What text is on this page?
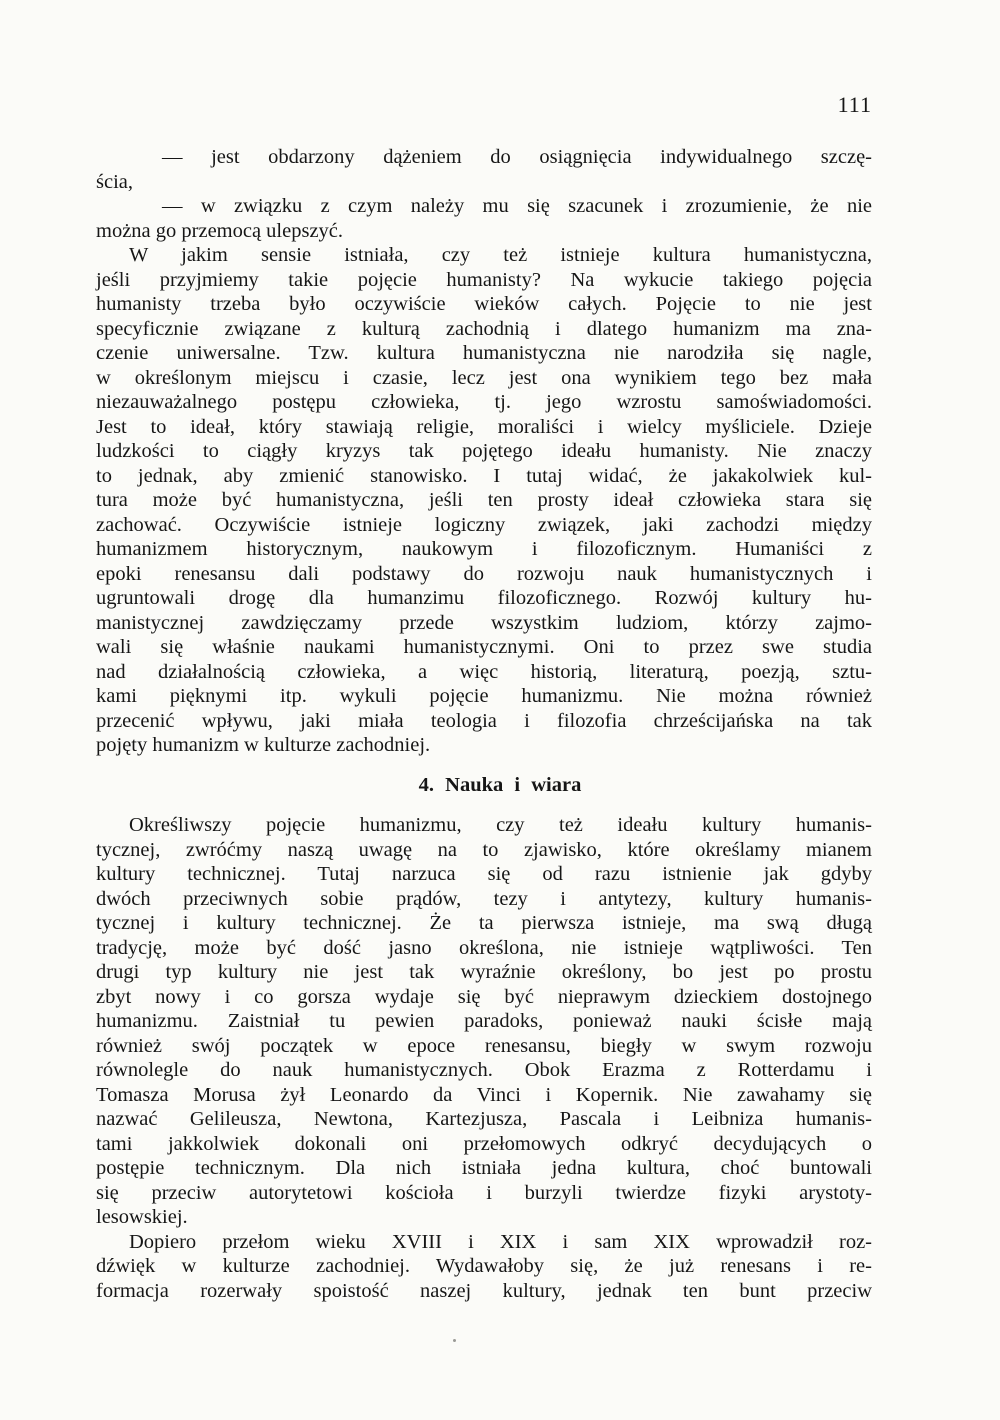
111
— jest obdarzony dążeniem do osiągnięcia indywidualnego szczę-
ścia,
— w związku z czym należy mu się szacunek i zrozumienie, że nie
można go przemocą ulepszyć.
W jakim sensie istniała, czy też istnieje kultura humanistyczna,
jeśli przyjmiemy takie pojęcie humanisty? Na wykucie takiego pojęcia
humanisty trzeba było oczywiście wieków całych. Pojęcie to nie jest
specyficznie związane z kulturą zachodnią i dlatego humanizm ma zna-
czenie uniwersalne. Tzw. kultura humanistyczna nie narodziła się nagle,
w określonym miejscu i czasie, lecz jest ona wynikiem tego bez mała
niezauważalnego postępu człowieka, tj. jego wzrostu samoświadomości.
Jest to ideał, który stawiają religie, moraliści i wielcy myśliciele. Dzieje
ludzkości to ciągły kryzys tak pojętego ideału humanisty. Nie znaczy
to jednak, aby zmienić stanowisko. I tutaj widać, że jakakolwiek kul-
tura może być humanistyczna, jeśli ten prosty ideał człowieka stara się
zachować. Oczywiście istnieje logiczny związek, jaki zachodzi między
humanizmem historycznym, naukowym i filozoficznym. Humaniści z
epoki renesansu dali podstawy do rozwoju nauk humanistycznych i
ugruntowali drogę dla humanzimu filozoficznego. Rozwój kultury hu-
manistycznej zawdzięczamy przede wszystkim ludziom, którzy zajmo-
wali się właśnie naukami humanistycznymi. Oni to przez swe studia
nad działalnością człowieka, a więc historią, literaturą, poezją, sztu-
kami pięknymi itp. wykuli pojęcie humanizmu. Nie można również
przecenić wpływu, jaki miała teologia i filozofia chrześcijańska na tak
pojęty humanizm w kulturze zachodniej.
4. Nauka i wiara
Określiwszy pojęcie humanizmu, czy też ideału kultury humanis-
tycznej, zwróćmy naszą uwagę na to zjawisko, które określamy mianem
kultury technicznej. Tutaj narzuca się od razu istnienie jak gdyby
dwóch przeciwnych sobie prądów, tezy i antytezy, kultury humanis-
tycznej i kultury technicznej. Że ta pierwsza istnieje, ma swą długą
tradycję, może być dość jasno określona, nie istnieje wątpliwości. Ten
drugi typ kultury nie jest tak wyraźnie określony, bo jest po prostu
zbyt nowy i co gorsza wydaje się być nieprawym dzieckiem dostojnego
humanizmu. Zaistniał tu pewien paradoks, ponieważ nauki ścisłe mają
również swój początek w epoce renesansu, biegły w swym rozwoju
równolegle do nauk humanistycznych. Obok Erazma z Rotterdamu i
Tomasza Morusa żył Leonardo da Vinci i Kopernik. Nie zawahamy się
nazwać Gelileusza, Newtona, Kartezjusza, Pascala i Leibniza humanis-
tami jakkolwiek dokonali oni przełomowych odkryć decydujących o
postępie technicznym. Dla nich istniała jedna kultura, choć buntowali
się przeciw autorytetowi kościoła i burzyli twierdze fizyki arystoty-
lesowskiej.
Dopiero przełom wieku XVIII i XIX i sam XIX wprowadził roz-
dźwięk w kulturze zachodniej. Wydawałoby się, że już renesans i re-
formacja rozerwały spoistość naszej kultury, jednak ten bunt przeciw
